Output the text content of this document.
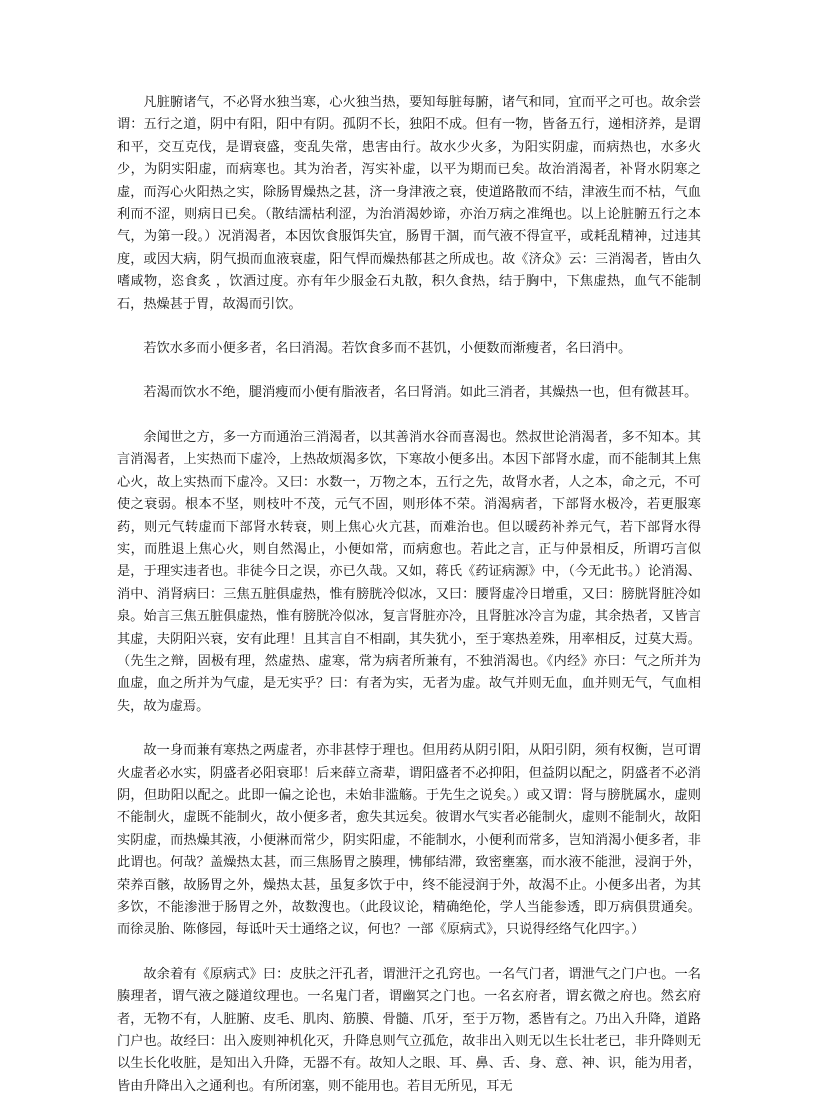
凡脏腑诸气，不必肾水独当寒，心火独当热，要知每脏每腑，诸气和同，宜而平之可也。故余尝谓：五行之道，阴中有阳，阳中有阴。孤阴不长，独阳不成。但有一物，皆备五行，递相济养，是谓和平，交互克伐，是谓衰盛，变乱失常，患害由行。故水少火多，为阳实阴虚，而病热也，水多火少，为阴实阳虚，而病寒也。其为治者，泻实补虚，以平为期而已矣。故治消渴者，补肾水阴寒之虚，而泻心火阳热之实，除肠胃燥热之甚，济一身津液之衰，使道路散而不结，津液生而不枯，气血利而不涩，则病日已矣。（散结濡枯利涩，为治消渴妙谛，亦治万病之准绳也。以上论脏腑五行之本气，为第一段。）况消渴者，本因饮食服饵失宜，肠胃干涸，而气液不得宣平，或耗乱精神，过违其度，或因大病，阴气损而血液衰虚，阳气悍而燥热郁甚之所成也。故《济众》云：三消渴者，皆由久嗜咸物，恣食炙 ，饮酒过度。亦有年少服金石丸散，积久食热，结于胸中，下焦虚热，血气不能制石，热燥甚于胃，故渴而引饮。

若饮水多而小便多者，名曰消渴。若饮食多而不甚饥，小便数而渐瘦者，名曰消中。

若渴而饮水不绝，腿消瘦而小便有脂液者，名曰肾消。如此三消者，其燥热一也，但有微甚耳。

余闻世之方，多一方而通治三消渴者，以其善消水谷而喜渴也。然叔世论消渴者，多不知本。其言消渴者，上实热而下虚冷，上热故烦渴多饮，下寒故小便多出。本因下部肾水虚，而不能制其上焦心火，故上实热而下虚冷。又曰：水数一，万物之本，五行之先，故肾水者，人之本，命之元，不可使之衰弱。根本不坚，则枝叶不茂，元气不固，则形体不荣。消渴病者，下部肾水极冷，若更服寒药，则元气转虚而下部肾水转衰，则上焦心火亢甚，而难治也。但以暖药补养元气，若下部肾水得实，而胜退上焦心火，则自然渴止，小便如常，而病愈也。若此之言，正与仲景相反，所谓巧言似是，于理实违者也。非徒今日之误，亦已久哉。又如，蒋氏《药证病源》中，（今无此书。）论消渴、消中、消肾病曰：三焦五脏俱虚热，惟有膀胱冷似冰，又曰：腰肾虚冷日增重，又曰：膀胱肾脏冷如泉。始言三焦五脏俱虚热，惟有膀胱冷似冰，复言肾脏亦冷，且肾脏冰冷言为虚，其余热者，又皆言其虚，夫阴阳兴衰，安有此理！且其言自不相副，其失犹小，至于寒热差殊，用率相反，过莫大焉。（先生之辩，固极有理，然虚热、虚寒，常为病者所兼有，不独消渴也。《内经》亦曰：气之所并为血虚，血之所并为气虚，是无实乎？曰：有者为实，无者为虚。故气并则无血，血并则无气，气血相失，故为虚焉。

故一身而兼有寒热之两虚者，亦非甚悖于理也。但用药从阴引阳，从阳引阴，须有权衡，岂可谓火虚者必水实，阴盛者必阳衰耶！后来薛立斋辈，谓阳盛者不必抑阳，但益阴以配之，阴盛者不必消阴，但助阳以配之。此即一偏之论也，未始非滥觞。于先生之说矣。）或又谓：肾与膀胱属水，虚则不能制火，虚既不能制火，故小便多者，愈失其远矣。彼谓水气实者必能制火，虚则不能制火，故阳实阴虚，而热燥其液，小便淋而常少，阴实阳虚，不能制水，小便利而常多，岂知消渴小便多者，非此谓也。何哉？盖燥热太甚，而三焦肠胃之腠理，怫郁结滞，致密壅塞，而水液不能泄，浸润于外，荣养百骸，故肠胃之外，燥热太甚，虽复多饮于中，终不能浸润于外，故渴不止。小便多出者，为其多饮，不能渗泄于肠胃之外，故数溲也。（此段议论，精确绝伦，学人当能参透，即万病俱贯通矣。而徐灵胎、陈修园，每诋叶天士通络之议，何也？一部《原病式》，只说得经络气化四字。）

故余着有《原病式》曰：皮肤之汗孔者，谓泄汗之孔窍也。一名气门者，谓泄气之门户也。一名腠理者，谓气液之隧道纹理也。一名鬼门者，谓幽冥之门也。一名玄府者，谓玄微之府也。然玄府者，无物不有，人脏腑、皮毛、肌肉、筋膜、骨髓、爪牙，至于万物，悉皆有之。乃出入升降，道路门户也。故经曰：出入废则神机化灭，升降息则气立孤危，故非出入则无以生长壮老已，非升降则无以生长化收脏，是知出入升降，无器不有。故知人之眼、耳、鼻、舌、身、意、神、识，能为用者，皆由升降出入之通利也。有所闭塞，则不能用也。若目无所见，耳无
